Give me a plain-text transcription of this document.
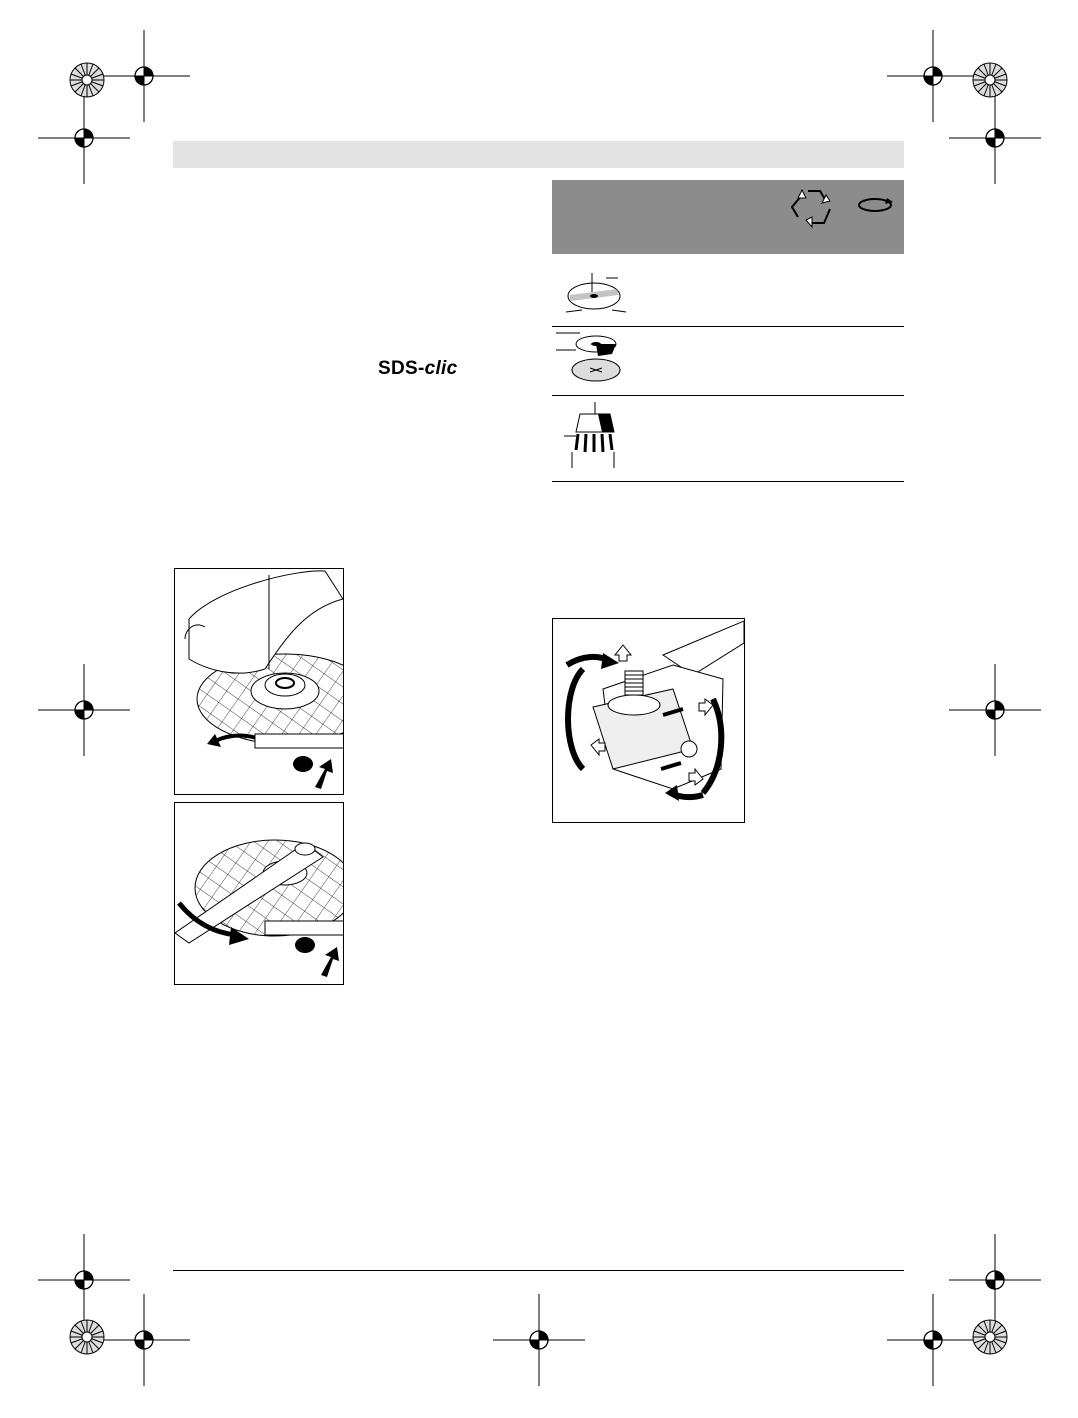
SDS-clic
